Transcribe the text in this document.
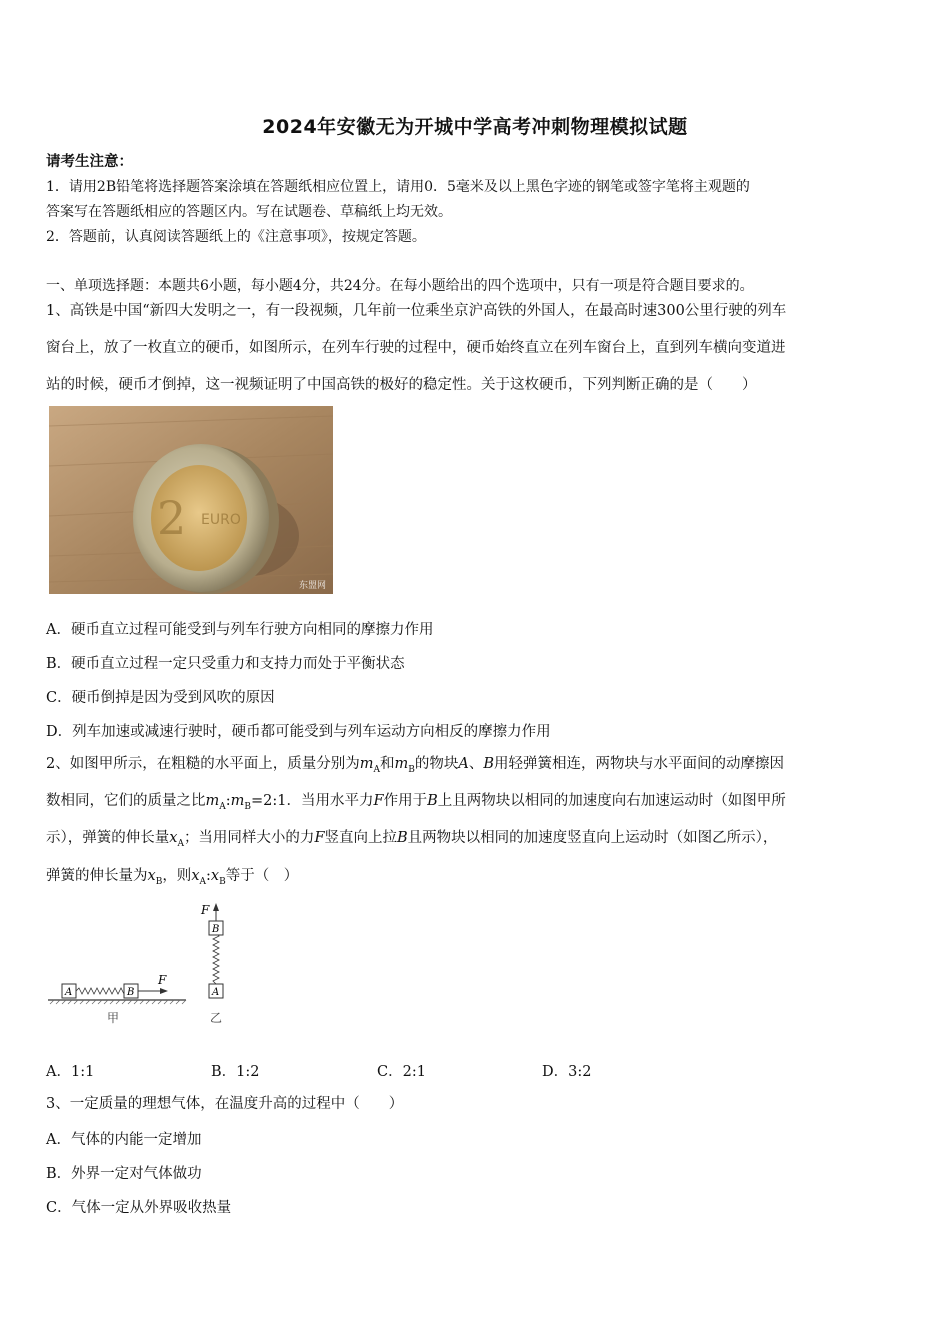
2024年安徽无为开城中学高考冲刺物理模拟试题
请考生注意：
1．请用2B铅笔将选择题答案涂填在答题纸相应位置上，请用0．5毫米及以上黑色字迹的钢笔或签字笔将主观题的
答案写在答题纸相应的答题区内。写在试题卷、草稿纸上均无效。
2．答题前，认真阅读答题纸上的《注意事项》，按规定答题。
一、单项选择题：本题共6小题，每小题4分，共24分。在每小题给出的四个选项中，只有一项是符合题目要求的。
1、高铁是中国“新四大发明之一，有一段视频，几年前一位乘坐京沪高铁的外国人，在最高时速300公里行驶的列车
窗台上，放了一枚直立的硬币，如图所示，在列车行驶的过程中，硬币始终直立在列车窗台上，直到列车横向变道进
站的时候，硬币才倒掉，这一视频证明了中国高铁的极好的稳定性。关于这枚硬币，下列判断正确的是（　　）
2 EURO
东盟网
A．硬币直立过程可能受到与列车行驶方向相同的摩擦力作用
B．硬币直立过程一定只受重力和支持力而处于平衡状态
C．硬币倒掉是因为受到风吹的原因
D．列车加速或减速行驶时，硬币都可能受到与列车运动方向相反的摩擦力作用
2、如图甲所示，在粗糙的水平面上，质量分别为$m_A$和$m_B$的物块A、B用轻弹簧相连，两物块与水平面间的动摩擦因
数相同，它们的质量之比$m_A:m_B=2:1$．当用水平力F作用于B上且两物块以相同的加速度向右加速运动时（如图甲所
示），弹簧的伸长量$x_A$；当用同样大小的力F竖直向上拉B且两物块以相同的加速度竖直向上运动时（如图乙所示），
弹簧的伸长量为$x_B$，则$x_A:x_B$等于（　）
A	B
F
甲
A
B
F
乙
A．1:1	B．1:2	C．2:1	D．3:2
3、一定质量的理想气体，在温度升高的过程中（　　）
A．气体的内能一定增加
B．外界一定对气体做功
C．气体一定从外界吸收热量
